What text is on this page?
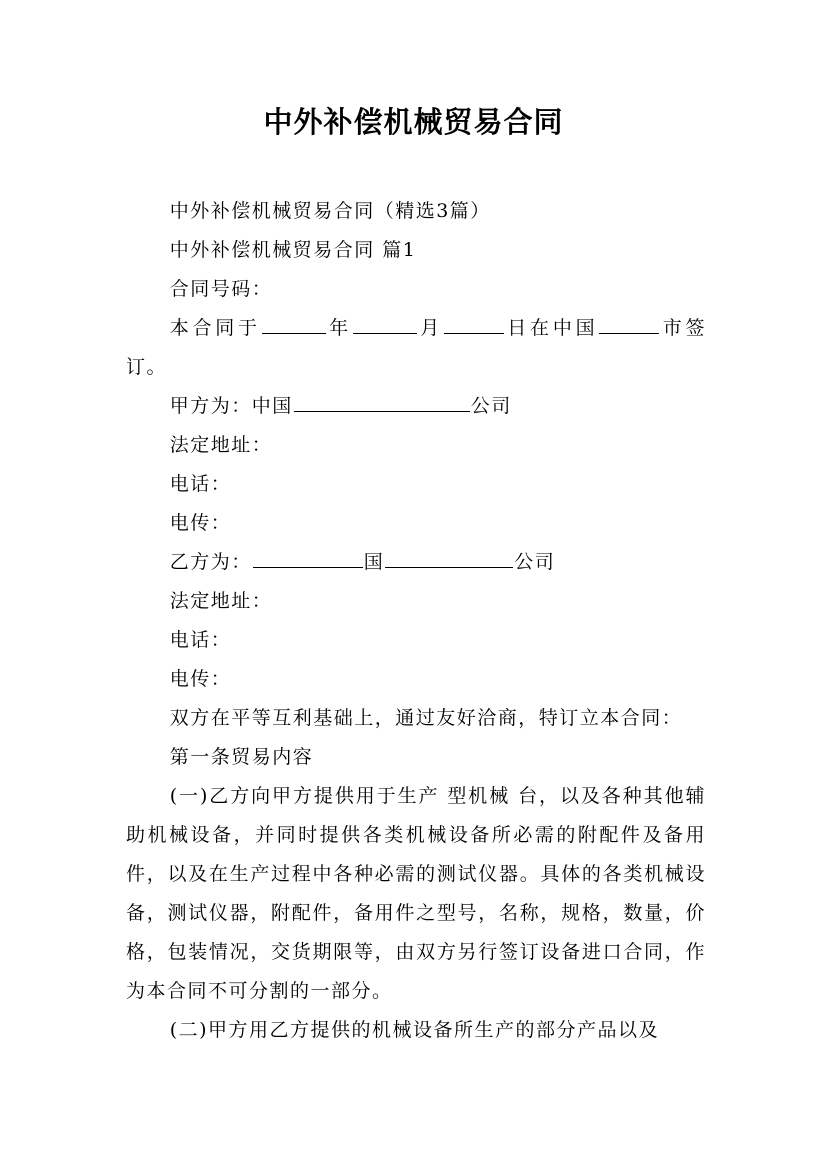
中外补偿机械贸易合同

中外补偿机械贸易合同（精选3篇）

中外补偿机械贸易合同 篇1

合同号码：

本合同于	年	月	日在中国	市签订。

甲方为：中国	公司

法定地址：

电话：

电传：

乙方为：	国	公司

法定地址：

电话：

电传：

双方在平等互利基础上，通过友好洽商，特订立本合同：

第一条贸易内容

(一)乙方向甲方提供用于生产 型机械 台，以及各种其他辅助机械设备，并同时提供各类机械设备所必需的附配件及备用件，以及在生产过程中各种必需的测试仪器。具体的各类机械设备，测试仪器，附配件，备用件之型号，名称，规格，数量，价格，包装情况，交货期限等，由双方另行签订设备进口合同，作为本合同不可分割的一部分。

(二)甲方用乙方提供的机械设备所生产的部分产品以及
